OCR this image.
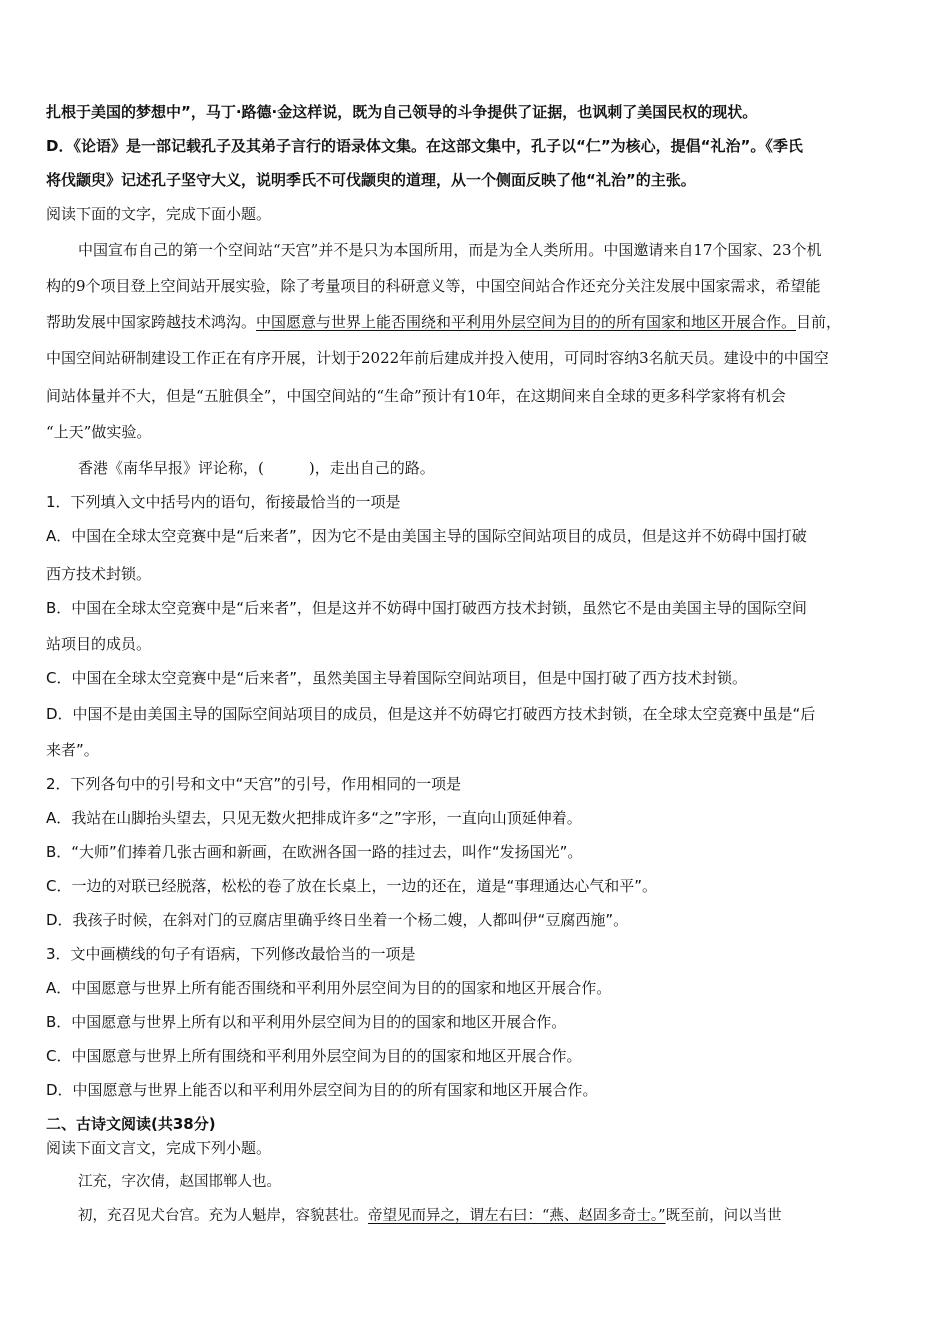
扎根于美国的梦想中”，马丁·路德·金这样说，既为自己领导的斗争提供了证据，也讽刺了美国民权的现状。
D．《论语》是一部记载孔子及其弟子言行的语录体文集。在这部文集中，孔子以“仁”为核心，提倡“礼治”。《季氏
将伐颛臾》记述孔子坚守大义，说明季氏不可伐颛臾的道理，从一个侧面反映了他“礼治”的主张。
阅读下面的文字，完成下面小题。
中国宣布自己的第一个空间站“天宫”并不是只为本国所用，而是为全人类所用。中国邀请来自17个国家、23个机
构的9个项目登上空间站开展实验，除了考量项目的科研意义等，中国空间站合作还充分关注发展中国家需求，希望能
帮助发展中国家跨越技术鸿沟。中国愿意与世界上能否围绕和平利用外层空间为目的的所有国家和地区开展合作。目前，
中国空间站研制建设工作正在有序开展，计划于2022年前后建成并投入使用，可同时容纳3名航天员。建设中的中国空
间站体量并不大，但是“五脏俱全”，中国空间站的“生命”预计有10年，在这期间来自全球的更多科学家将有机会
“上天”做实验。
香港《南华早报》评论称，(　　　)，走出自己的路。
1．下列填入文中括号内的语句，衔接最恰当的一项是
A．中国在全球太空竞赛中是“后来者”，因为它不是由美国主导的国际空间站项目的成员，但是这并不妨碍中国打破
西方技术封锁。
B．中国在全球太空竞赛中是“后来者”，但是这并不妨碍中国打破西方技术封锁，虽然它不是由美国主导的国际空间
站项目的成员。
C．中国在全球太空竞赛中是“后来者”，虽然美国主导着国际空间站项目，但是中国打破了西方技术封锁。
D．中国不是由美国主导的国际空间站项目的成员，但是这并不妨碍它打破西方技术封锁，在全球太空竞赛中虽是“后
来者”。
2．下列各句中的引号和文中“天宫”的引号，作用相同的一项是
A．我站在山脚抬头望去，只见无数火把排成许多“之”字形，一直向山顶延伸着。
B．“大师”们捧着几张古画和新画，在欧洲各国一路的挂过去，叫作“发扬国光”。
C．一边的对联已经脱落，松松的卷了放在长桌上，一边的还在，道是“事理通达心气和平”。
D．我孩子时候，在斜对门的豆腐店里确乎终日坐着一个杨二嫂，人都叫伊“豆腐西施”。
3．文中画横线的句子有语病，下列修改最恰当的一项是
A．中国愿意与世界上所有能否围绕和平利用外层空间为目的的国家和地区开展合作。
B．中国愿意与世界上所有以和平利用外层空间为目的的国家和地区开展合作。
C．中国愿意与世界上所有围绕和平利用外层空间为目的的国家和地区开展合作。
D．中国愿意与世界上能否以和平利用外层空间为目的的所有国家和地区开展合作。
二、古诗文阅读(共38分)
阅读下面文言文，完成下列小题。
江充，字次倩，赵国邯郸人也。
初，充召见犬台宫。充为人魁岸，容貌甚壮。帝望见而异之，谓左右曰：“燕、赵固多奇士。”既至前，问以当世
